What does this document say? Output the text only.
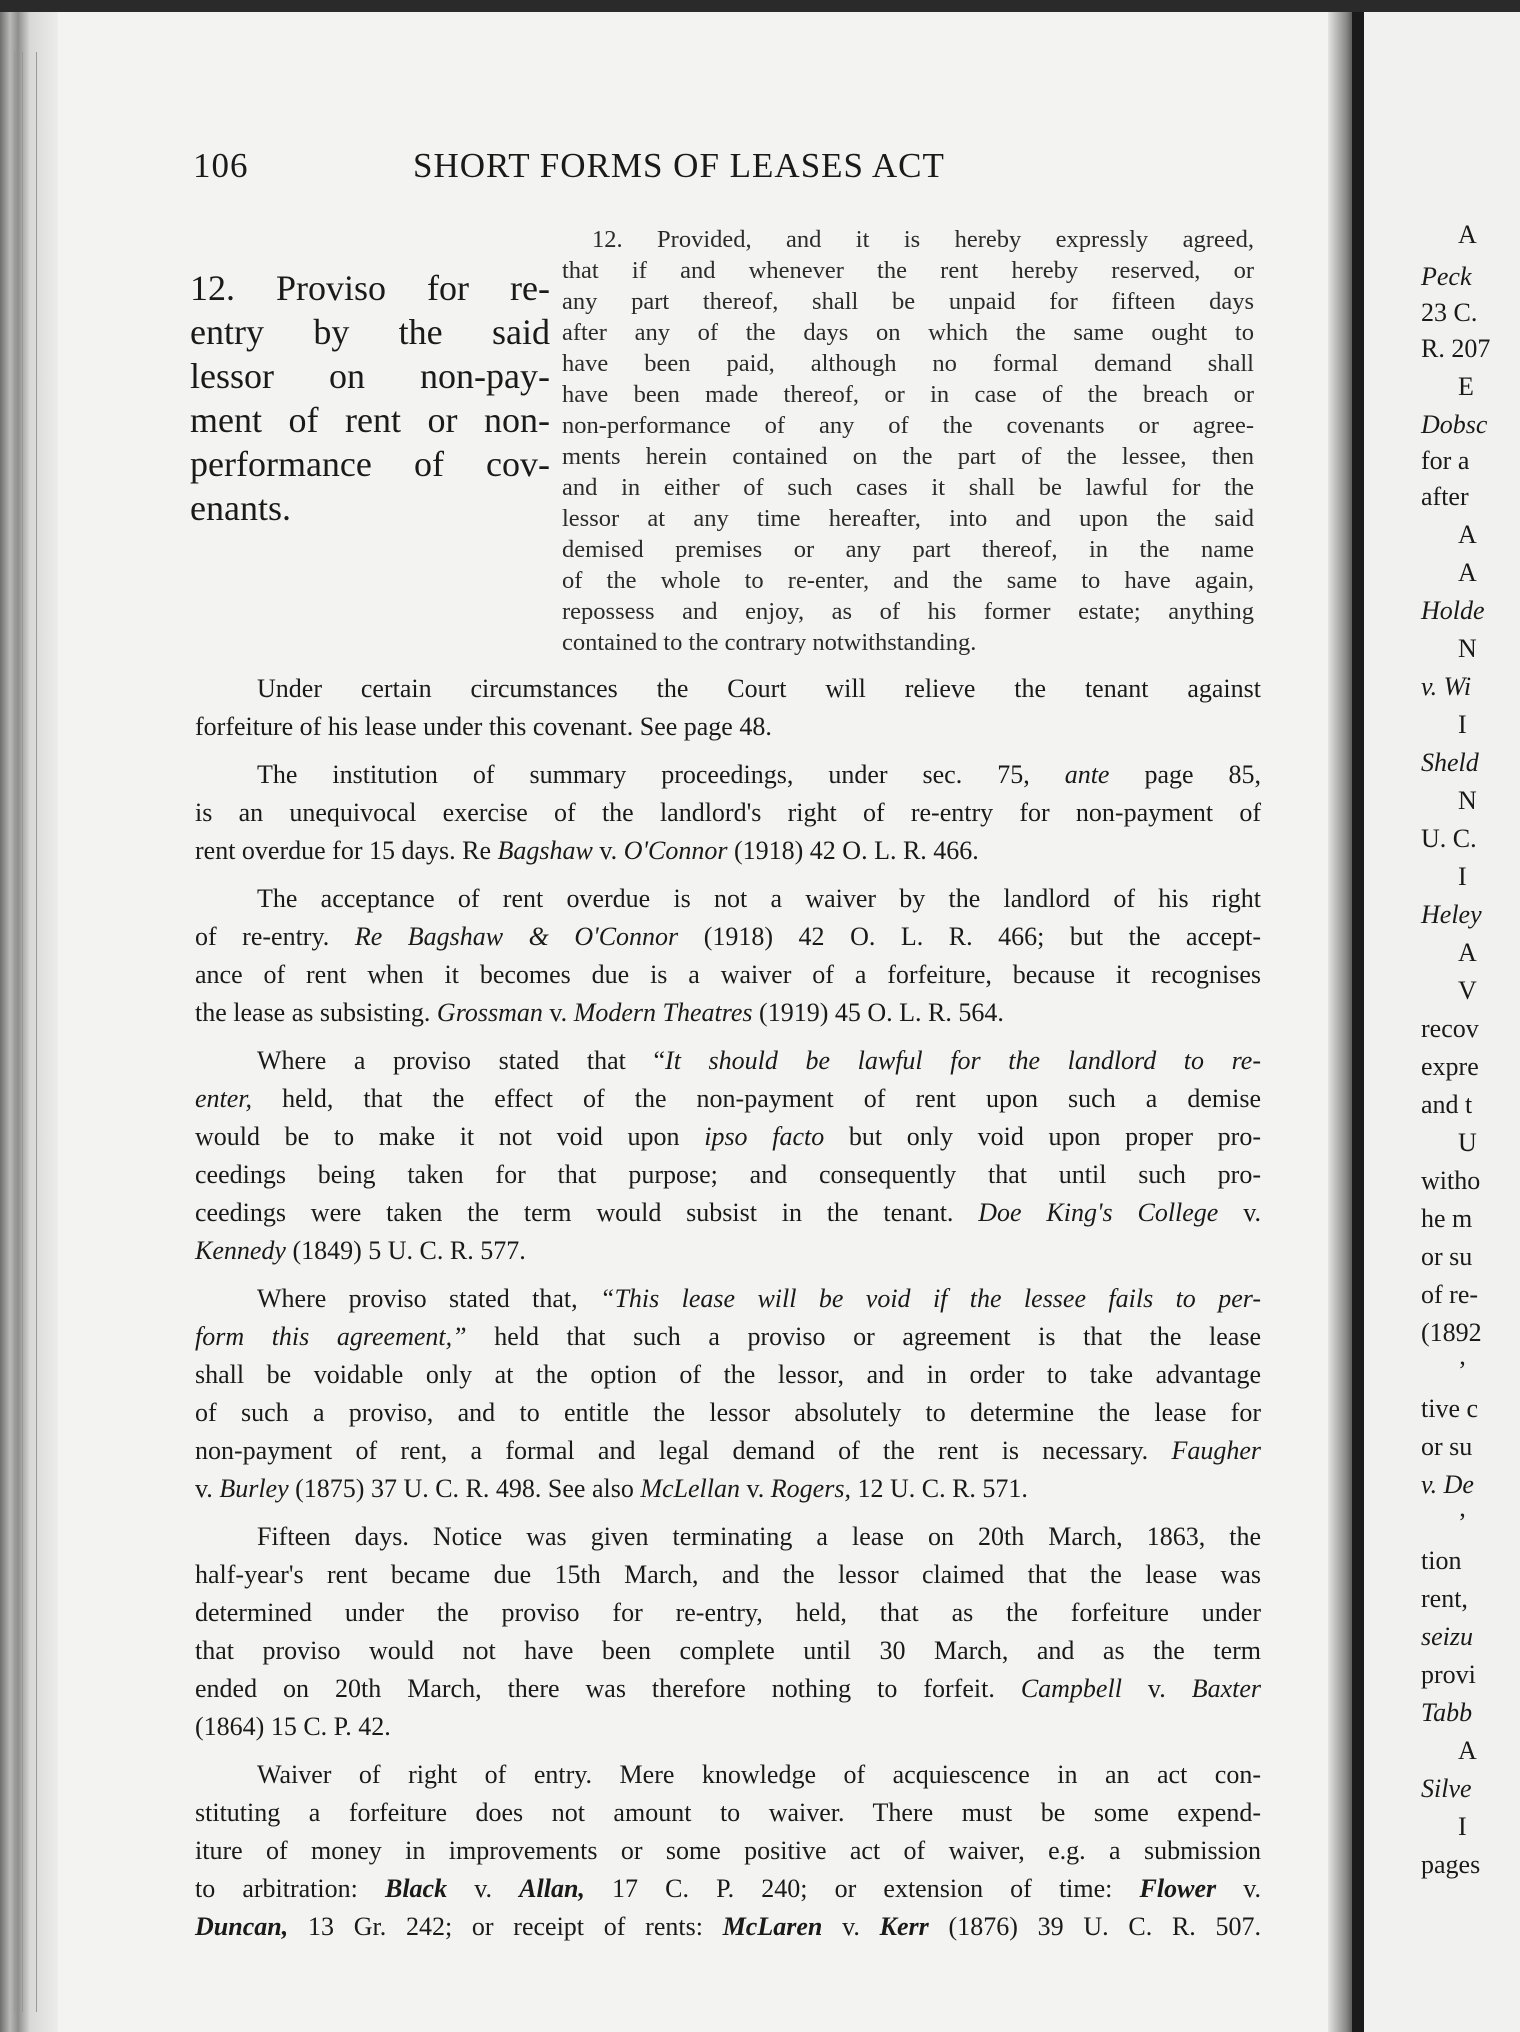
A
Peck
23 C.
R. 207
E
Dobsc
for a
after
A
A
Holde
N
v. Wi
I
Sheld
N
U. C.
I
Heley
A
V
recov
expre
and t
U
witho
he m
or su
of re-
(1892
’
tive c
or su
v. De
’
tion
rent,
seizu
provi
Tabb
A
Silve
I
pages
106	SHORT FORMS OF LEASES ACT
12. Proviso for re-
entry by the said
lessor on non-pay-
ment of rent or non-
performance of cov-
enants.
12. Provided, and it is hereby expressly agreed,
that if and whenever the rent hereby reserved, or
any part thereof, shall be unpaid for fifteen days
after any of the days on which the same ought to
have been paid, although no formal demand shall
have been made thereof, or in case of the breach or
non-performance of any of the covenants or agree-
ments herein contained on the part of the lessee, then
and in either of such cases it shall be lawful for the
lessor at any time hereafter, into and upon the said
demised premises or any part thereof, in the name
of the whole to re-enter, and the same to have again,
repossess and enjoy, as of his former estate; anything
contained to the contrary notwithstanding.
Under certain circumstances the Court will relieve the tenant against
forfeiture of his lease under this covenant. See page 48.
The institution of summary proceedings, under sec. 75, ante page 85,
is an unequivocal exercise of the landlord's right of re-entry for non-payment of
rent overdue for 15 days. Re Bagshaw v. O'Connor (1918) 42 O. L. R. 466.
The acceptance of rent overdue is not a waiver by the landlord of his right
of re-entry. Re Bagshaw & O'Connor (1918) 42 O. L. R. 466; but the accept-
ance of rent when it becomes due is a waiver of a forfeiture, because it recognises
the lease as subsisting. Grossman v. Modern Theatres (1919) 45 O. L. R. 564.
Where a proviso stated that “It should be lawful for the landlord to re-
enter, held, that the effect of the non-payment of rent upon such a demise
would be to make it not void upon ipso facto but only void upon proper pro-
ceedings being taken for that purpose; and consequently that until such pro-
ceedings were taken the term would subsist in the tenant. Doe King's College v.
Kennedy (1849) 5 U. C. R. 577.
Where proviso stated that, “This lease will be void if the lessee fails to per-
form this agreement,” held that such a proviso or agreement is that the lease
shall be voidable only at the option of the lessor, and in order to take advantage
of such a proviso, and to entitle the lessor absolutely to determine the lease for
non-payment of rent, a formal and legal demand of the rent is necessary. Faugher
v. Burley (1875) 37 U. C. R. 498. See also McLellan v. Rogers, 12 U. C. R. 571.
Fifteen days. Notice was given terminating a lease on 20th March, 1863, the
half-year's rent became due 15th March, and the lessor claimed that the lease was
determined under the proviso for re-entry, held, that as the forfeiture under
that proviso would not have been complete until 30 March, and as the term
ended on 20th March, there was therefore nothing to forfeit. Campbell v. Baxter
(1864) 15 C. P. 42.
Waiver of right of entry. Mere knowledge of acquiescence in an act con-
stituting a forfeiture does not amount to waiver. There must be some expend-
iture of money in improvements or some positive act of waiver, e.g. a submission
to arbitration: Black v. Allan, 17 C. P. 240; or extension of time: Flower v.
Duncan, 13 Gr. 242; or receipt of rents: McLaren v. Kerr (1876) 39 U. C. R. 507.
